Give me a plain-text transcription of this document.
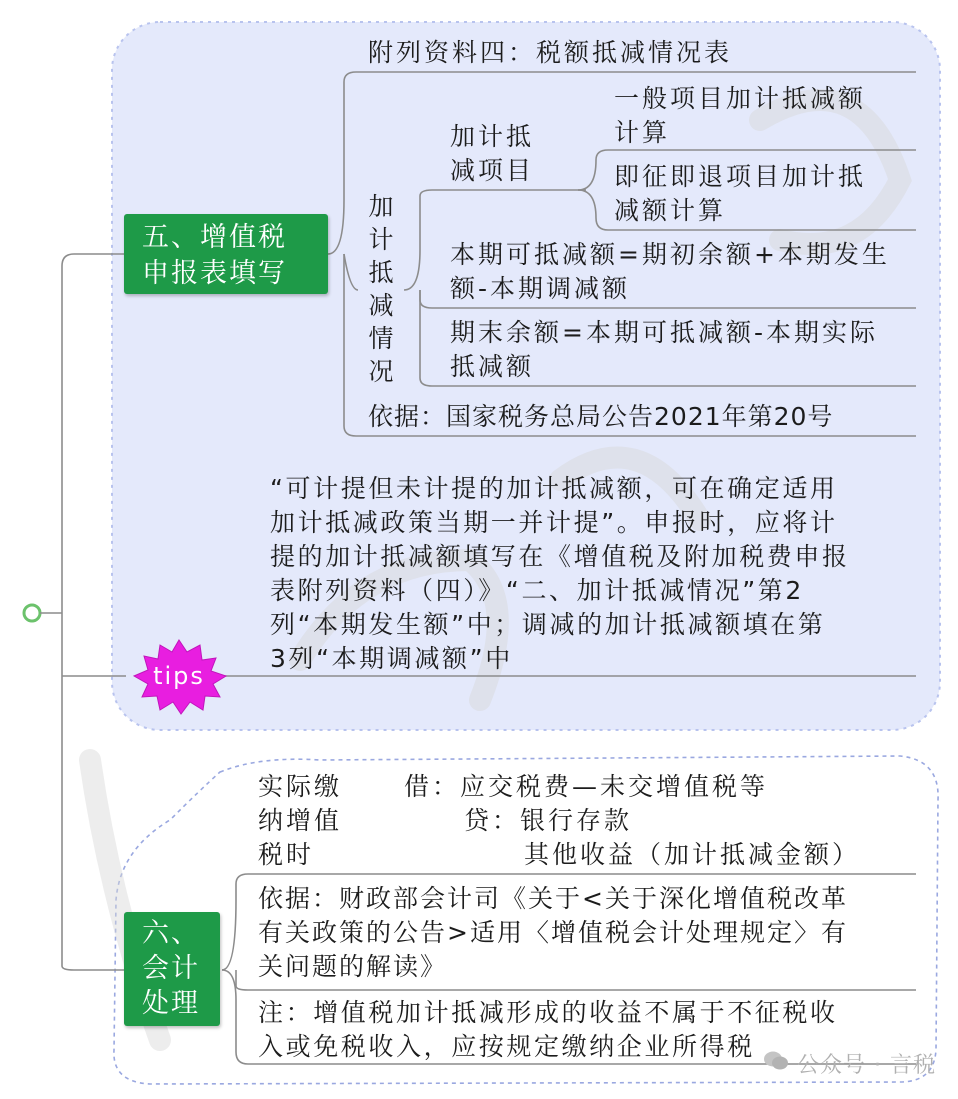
五、增值税
申报表填写
附列资料四：税额抵减情况表
加 计 抵 减 情 况
加计抵
减项目
一般项目加计抵减额
计算
即征即退项目加计抵
减额计算
本期可抵减额=期初余额+本期发生
额-本期调减额
期末余额=本期可抵减额-本期实际
抵减额
依据：国家税务总局公告2021年第20号
tips
“可计提但未计提的加计抵减额，可在确定适用
加计抵减政策当期一并计提”。申报时，应将计
提的加计抵减额填写在《增值税及附加税费申报
表附列资料（四）》“二、加计抵减情况”第2
列“本期发生额”中；调减的加计抵减额填在第
3列“本期调减额”中
六、
会计
处理
实际缴
纳增值
税时
借：应交税费—未交增值税等
贷：银行存款
其他收益（加计抵减金额）
依据：财政部会计司《关于<关于深化增值税改革
有关政策的公告>适用〈增值税会计处理规定〉有
关问题的解读》
注：增值税加计抵减形成的收益不属于不征税收
入或免税收入，应按规定缴纳企业所得税
公众号 · 言税
